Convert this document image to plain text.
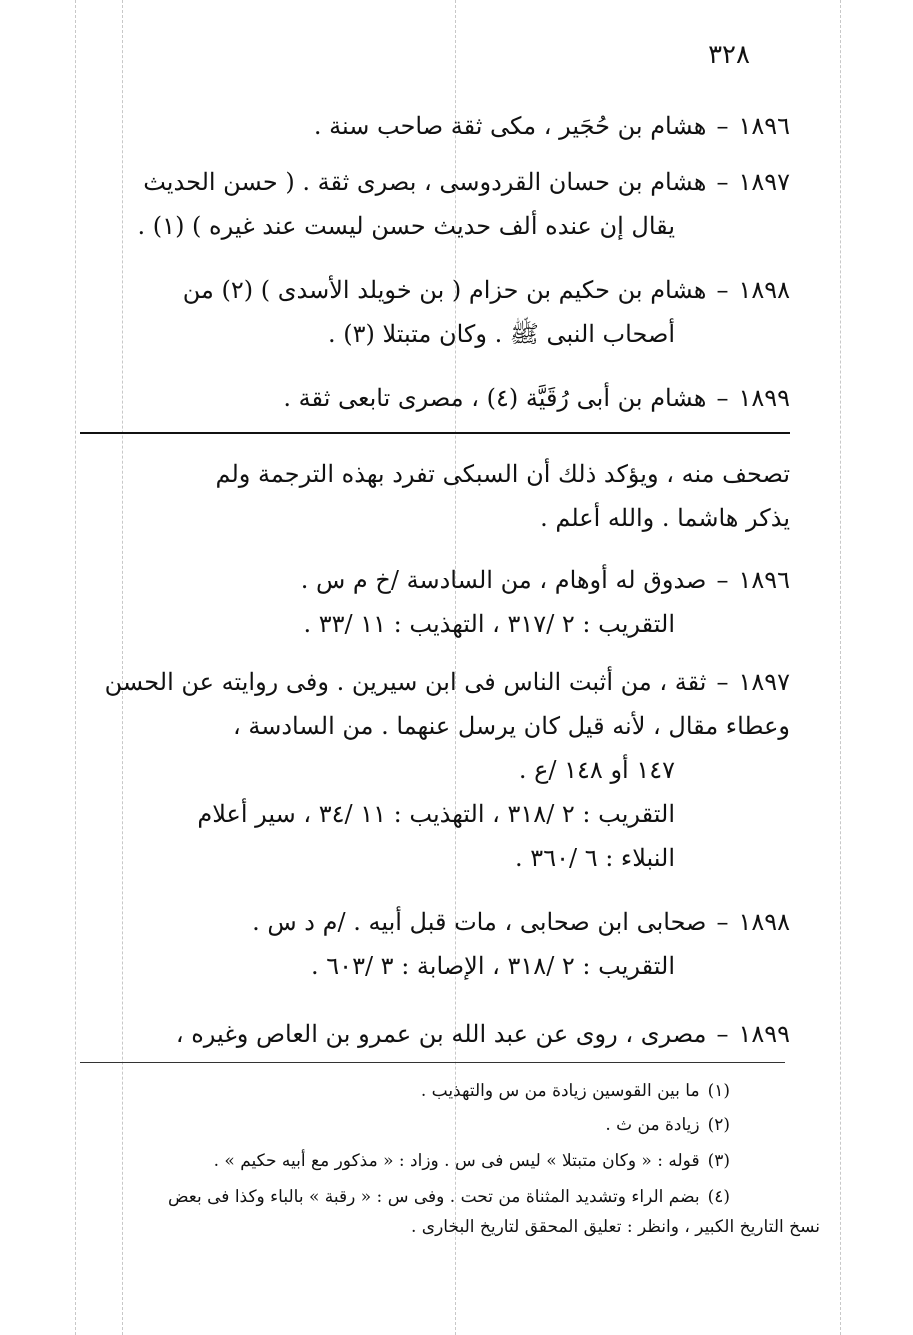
٣٢٨
١٨٩٦–هشام بن حُجَير ، مكى ثقة صاحب سنة .
١٨٩٧–هشام بن حسان القردوسى ، بصرى ثقة . ( حسن الحديث
يقال إن عنده ألف حديث حسن ليست عند غيره ) (١) .
١٨٩٨–هشام بن حكيم بن حزام ( بن خويلد الأسدى ) (٢) من
أصحاب النبى ﷺ . وكان متبتلا (٣) .
١٨٩٩–هشام بن أبى رُقَيَّة (٤) ، مصرى تابعى ثقة .
تصحف منه ، ويؤكد ذلك أن السبكى تفرد بهذه الترجمة ولم
يذكر هاشما . والله أعلم .
١٨٩٦–صدوق له أوهام ، من السادسة /خ م س .
التقريب : ٢ /٣١٧ ، التهذيب : ١١ /٣٣ .
١٨٩٧–ثقة ، من أثبت الناس فى ابن سيرين . وفى روايته عن الحسن
وعطاء مقال ، لأنه قيل كان يرسل عنهما . من السادسة ،
١٤٧ أو ١٤٨ /ع .
التقريب : ٢ /٣١٨ ، التهذيب : ١١ /٣٤ ، سير أعلام
النبلاء : ٦ /٣٦٠ .
١٨٩٨–صحابى ابن صحابى ، مات قبل أبيه . /م د س .
التقريب : ٢ /٣١٨ ، الإصابة : ٣ /٦٠٣ .
١٨٩٩–مصرى ، روى عن عبد الله بن عمرو بن العاص وغيره ،
(١)ما بين القوسين زيادة من س والتهذيب .
(٢)زيادة من ث .
(٣)قوله : « وكان متبتلا » ليس فى س . وزاد : « مذكور مع أبيه حكيم » .
(٤)بضم الراء وتشديد المثناة من تحت . وفى س : « رقبة » بالباء وكذا فى بعض
نسخ التاريخ الكبير ، وانظر : تعليق المحقق لتاريخ البخارى .
